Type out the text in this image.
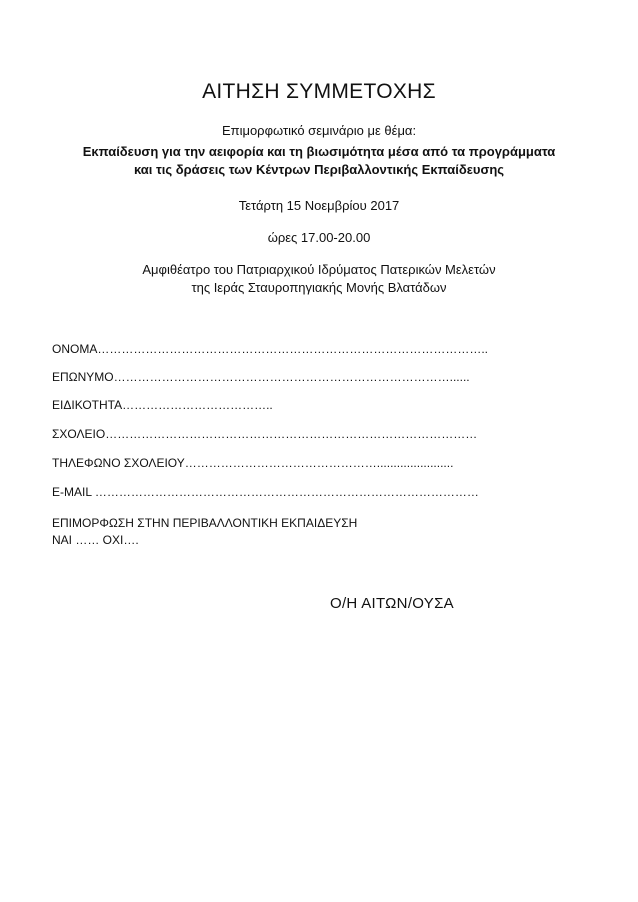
ΑΙΤΗΣΗ ΣΥΜΜΕΤΟΧΗΣ
Επιμορφωτικό σεμινάριο με θέμα:
Εκπαίδευση για την αειφορία και τη βιωσιμότητα μέσα από τα προγράμματα
και τις δράσεις των Κέντρων Περιβαλλοντικής Εκπαίδευσης
Τετάρτη 15 Νοεμβρίου 2017
ώρες 17.00-20.00
Αμφιθέατρο του Πατριαρχικού Ιδρύματος Πατερικών Μελετών
της Ιεράς Σταυροπηγιακής Μονής Βλατάδων
ΟΝΟΜΑ……………………………………………………………………………………..
ΕΠΩΝΥΜΟ…………………………………………………………………………......
ΕΙΔΙΚΟΤΗΤΑ………………………………..
ΣΧΟΛΕΙΟ…………………………………………………………………………………
ΤΗΛΕΦΩΝΟ ΣΧΟΛΕΙΟΥ………………………………………….......................
E-MAIL ……………………………………………………………………………………
ΕΠΙΜΟΡΦΩΣΗ ΣΤΗΝ ΠΕΡΙΒΑΛΛΟΝΤΙΚΗ ΕΚΠΑΙΔΕΥΣΗ
ΝΑΙ …… ΟΧΙ….
Ο/Η ΑΙΤΩΝ/ΟΥΣΑ
